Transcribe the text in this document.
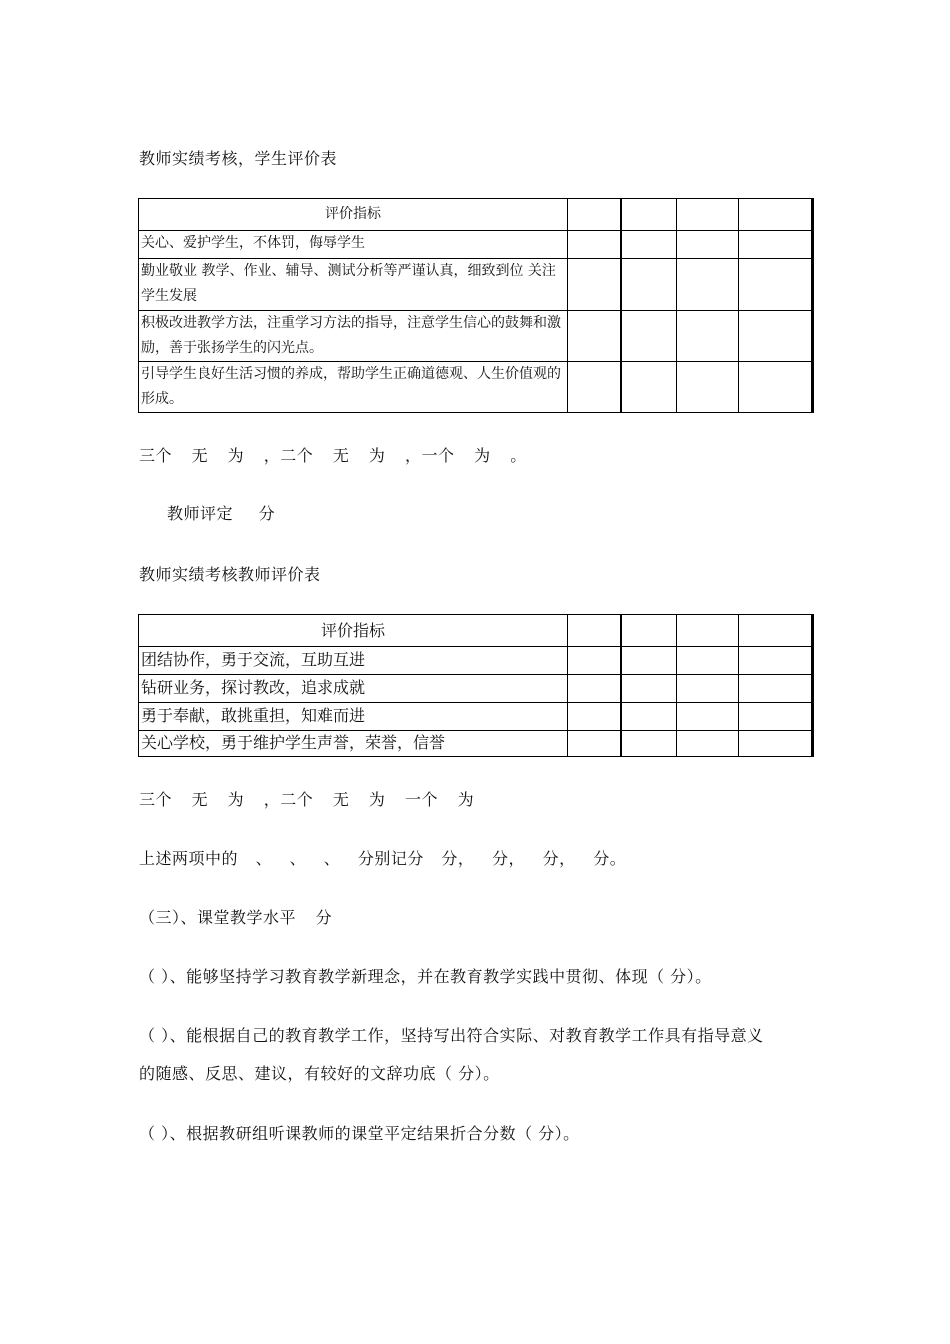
教师实绩考核，学生评价表
评价指标				
关心、爱护学生，不体罚，侮辱学生				
勤业敬业 教学、作业、辅导、测试分析等严谨认真，细致到位 关注学生发展				
积极改进教学方法，注重学习方法的指导，注意学生信心的鼓舞和激励，善于张扬学生的闪光点。				
引导学生良好生活习惯的养成，帮助学生正确道德观、人生价值观的形成。				
三个 无 为 ，二个 无 为 ，一个 为 。
教师评定 分
教师实绩考核教师评价表
评价指标				
团结协作，勇于交流，互助互进				
钻研业务，探讨教改，追求成就				
勇于奉献，敢挑重担，知难而进				
关心学校，勇于维护学生声誉，荣誉，信誉				
三个 无 为 ，二个 无 为 一个 为
上述两项中的 、 、 、 分别记分 分， 分， 分， 分。
（三）、课堂教学水平 分
（ ）、能够坚持学习教育教学新理念，并在教育教学实践中贯彻、体现（ 分）。
（ ）、能根据自己的教育教学工作，坚持写出符合实际、对教育教学工作具有指导意义
的随感、反思、建议，有较好的文辞功底（ 分）。
（ ）、根据教研组听课教师的课堂平定结果折合分数（ 分）。
